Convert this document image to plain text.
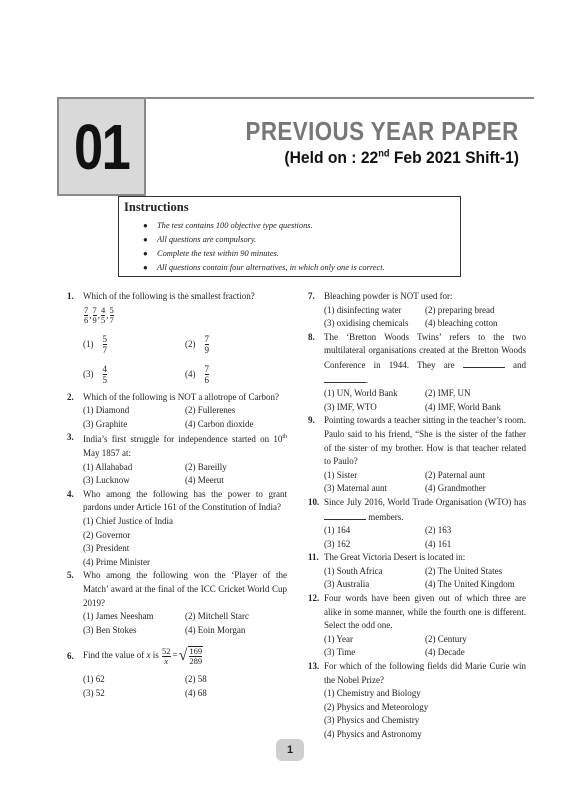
01	PREVIOUS YEAR PAPER
(Held on : 22nd Feb 2021 Shift-1)
Instructions
● The test contains 100 objective type questions.
● All questions are compulsory.
● Complete the test within 90 minutes.
● All questions contain four alternatives, in which only one is correct.
1. Which of the following is the smallest fraction?
$\frac{7}{6}$ , $\frac{7}{9}$ , $\frac{4}{5}$ , $\frac{5}{7}$
$(1) \frac{5}{7}$	$(2) \frac{7}{9}$
$(3) \frac{4}{5}$	$(4) \frac{7}{6}$
2. Which of the following is NOT a allotrope of Carbon?
(1) Diamond	(2) Fullerenes
(3) Graphite	(4) Carbon dioxide
3. India’s first struggle for independence started on 10th May 1857 at:
(1) Allahabad	(2) Bareilly
(3) Lucknow	(4) Meerut
4. Who among the following has the power to grant pardons under Article 161 of the Constitution of India?
(1) Chief Justice of India
(2) Governor
(3) President
(4) Prime Minister
5. Who among the following won the ‘Player of the Match’ award at the final of the ICC Cricket World Cup 2019?
(1) James Neesham	(2) Mitchell Starc
(3) Ben Stokes	(4) Eoin Morgan
6. Find the value of
x
is
$\frac{52}{x}$ = √ $\frac{169}{289}$
(1) 62	(2) 58
(3) 52	(4) 68
7. Bleaching powder is NOT used for:
(1) disinfecting water	(2) preparing bread
(3) oxidising chemicals	(4) bleaching cotton
8. The ‘Bretton Woods Twins’ refers to the two multilateral organisations created at the Bretton Woods Conference in 1944. They are	and .
(1) UN, World Bank	(2) IMF, UN
(3) IMF, WTO	(4) IMF, World Bank
9. Pointing towards a teacher sitting in the teacher’s room. Paulo said to his friend, “She is the sister of the father of the sister of my brother. How is that teacher related to Paulo?
(1) Sister	(2) Paternal aunt
(3) Maternal aunt	(4) Grandmother
10. Since July 2016, World Trade Organisation (WTO) has  members.
(1) 164	(2) 163
(3) 162	(4) 161
11. The Great Victoria Desert is located in:
(1) South Africa	(2) The United States
(3) Australia	(4) The United Kingdom
12. Four words have been given out of which three are alike in some manner, while the fourth one is different. Select the odd one.
(1) Year	(2) Century
(3) Time	(4) Decade
13. For which of the following fields did Marie Curie win the Nobel Prize?
(1) Chemistry and Biology
(2) Physics and Meteorology
(3) Physics and Chemistry
(4) Physics and Astronomy
1
